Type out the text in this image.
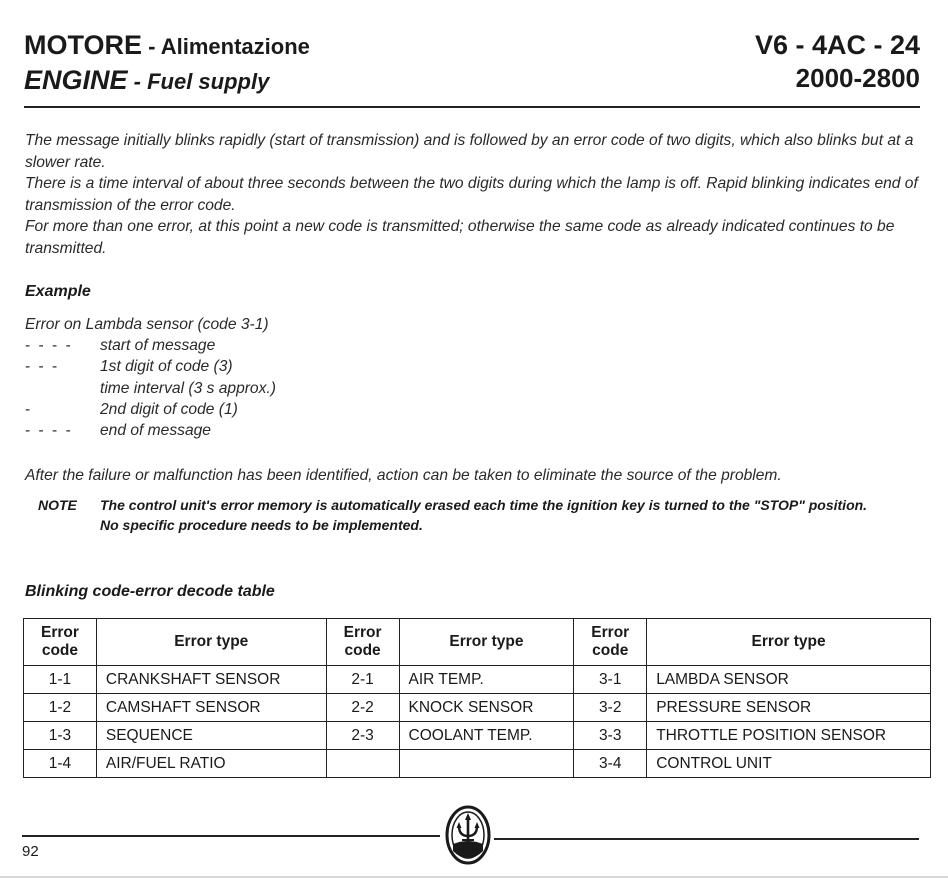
MOTORE - Alimentazione
ENGINE - Fuel supply
V6 - 4AC - 24
2000-2800

The message initially blinks rapidly (start of transmission) and is followed by an error code of two digits, which also blinks but at a slower rate.

There is a time interval of about three seconds between the two digits during which the lamp is off. Rapid blinking indicates end of transmission of the error code.

For more than one error, at this point a new code is transmitted; otherwise the same code as already indicated continues to be transmitted.

Example
Error on Lambda sensor (code 3-1)
- - - - start of message
- - -	1st digit of code (3)
time interval (3 s approx.)
-	2nd digit of code (1)
- - - - end of message
After the failure or malfunction has been identified, action can be taken to eliminate the source of the problem.
NOTE The control unit's error memory is automatically erased each time the ignition key is turned to the "STOP" position.

No specific procedure needs to be implemented.

Blinking code-error decode table
Error code	Error type	Error code	Error type	Error code	Error type
1-1	CRANKSHAFT SENSOR	2-1	AIR TEMP.	3-1	LAMBDA SENSOR
1-2	CAMSHAFT SENSOR	2-2	KNOCK SENSOR	3-2	PRESSURE SENSOR
1-3	SEQUENCE	2-3	COOLANT TEMP.	3-3	THROTTLE POSITION SENSOR
1-4	AIR/FUEL RATIO			3-4	CONTROL UNIT
92
